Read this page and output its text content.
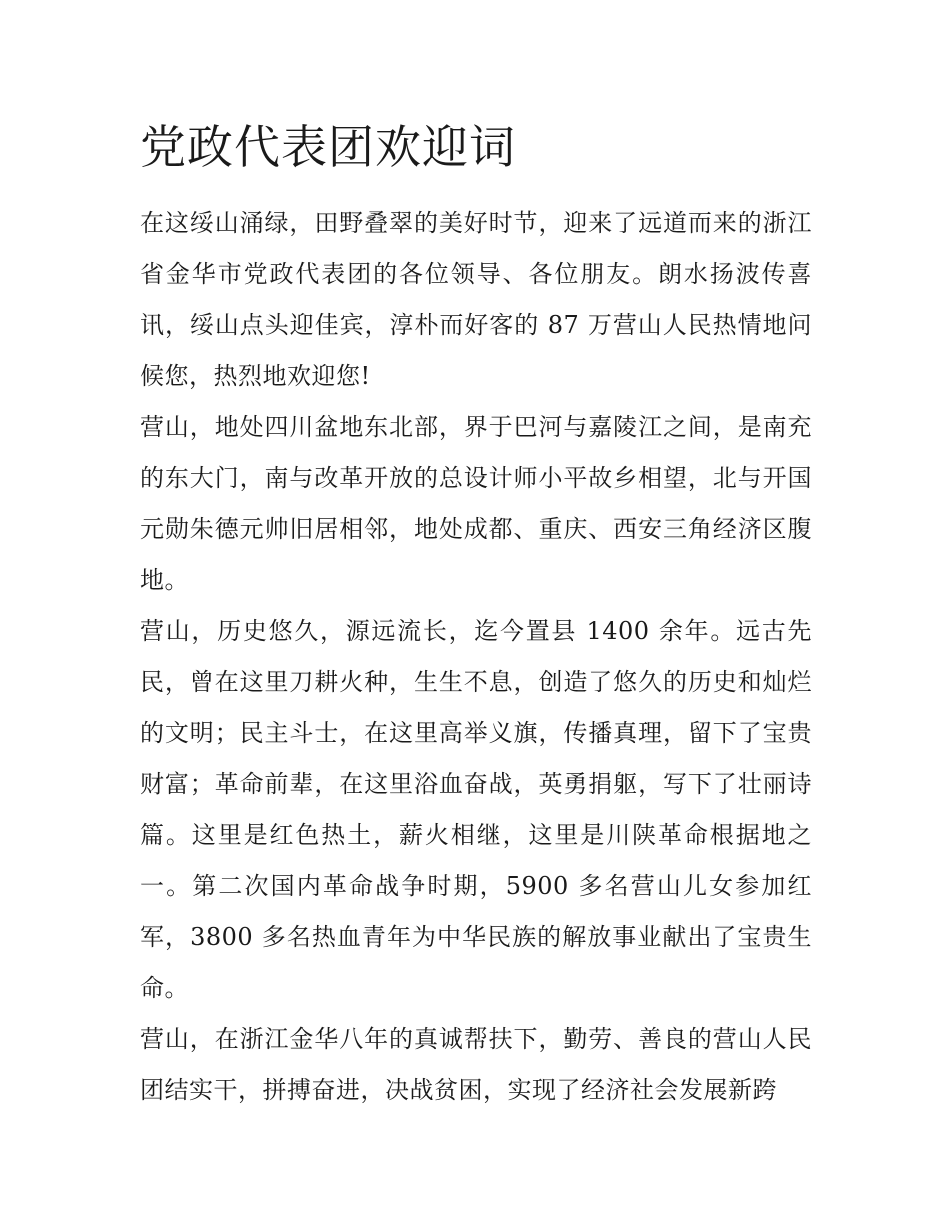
党政代表团欢迎词

在这绥山涌绿，田野叠翠的美好时节，迎来了远道而来的浙江省金华市党政代表团的各位领导、各位朋友。朗水扬波传喜讯，绥山点头迎佳宾，淳朴而好客的 87 万营山人民热情地问候您，热烈地欢迎您!

营山，地处四川盆地东北部，界于巴河与嘉陵江之间，是南充的东大门，南与改革开放的总设计师小平故乡相望，北与开国元勋朱德元帅旧居相邻，地处成都、重庆、西安三角经济区腹地。

营山，历史悠久，源远流长，迄今置县 1400 余年。远古先民，曾在这里刀耕火种，生生不息，创造了悠久的历史和灿烂的文明；民主斗士，在这里高举义旗，传播真理，留下了宝贵财富；革命前辈，在这里浴血奋战，英勇捐躯，写下了壮丽诗篇。这里是红色热土，薪火相继，这里是川陕革命根据地之一。第二次国内革命战争时期，5900 多名营山儿女参加红军，3800 多名热血青年为中华民族的解放事业献出了宝贵生命。

营山，在浙江金华八年的真诚帮扶下，勤劳、善良的营山人民团结实干，拼搏奋进，决战贫困，实现了经济社会发展新跨
